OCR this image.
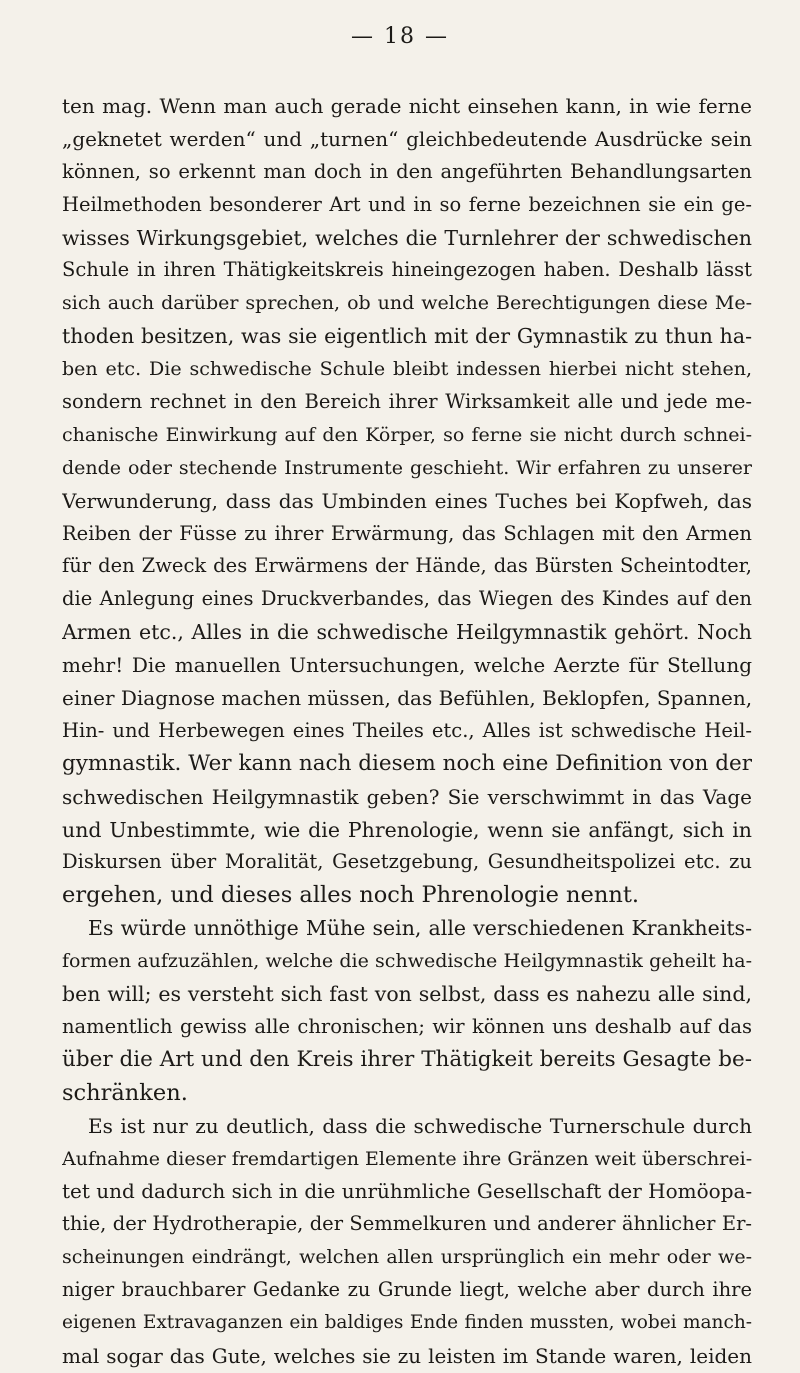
— 18 —
ten mag. Wenn man auch gerade nicht einsehen kann, in wie ferne
„geknetet werden“ und „turnen“ gleichbedeutende Ausdrücke sein
können, so erkennt man doch in den angeführten Behandlungsarten
Heilmethoden besonderer Art und in so ferne bezeichnen sie ein ge-
wisses Wirkungsgebiet, welches die Turnlehrer der schwedischen
Schule in ihren Thätigkeitskreis hineingezogen haben. Deshalb lässt
sich auch darüber sprechen, ob und welche Berechtigungen diese Me-
thoden besitzen, was sie eigentlich mit der Gymnastik zu thun ha-
ben etc. Die schwedische Schule bleibt indessen hierbei nicht stehen,
sondern rechnet in den Bereich ihrer Wirksamkeit alle und jede me-
chanische Einwirkung auf den Körper, so ferne sie nicht durch schnei-
dende oder stechende Instrumente geschieht. Wir erfahren zu unserer
Verwunderung, dass das Umbinden eines Tuches bei Kopfweh, das
Reiben der Füsse zu ihrer Erwärmung, das Schlagen mit den Armen
für den Zweck des Erwärmens der Hände, das Bürsten Scheintodter,
die Anlegung eines Druckverbandes, das Wiegen des Kindes auf den
Armen etc., Alles in die schwedische Heilgymnastik gehört. Noch
mehr! Die manuellen Untersuchungen, welche Aerzte für Stellung
einer Diagnose machen müssen, das Befühlen, Beklopfen, Spannen,
Hin- und Herbewegen eines Theiles etc., Alles ist schwedische Heil-
gymnastik. Wer kann nach diesem noch eine Definition von der
schwedischen Heilgymnastik geben? Sie verschwimmt in das Vage
und Unbestimmte, wie die Phrenologie, wenn sie anfängt, sich in
Diskursen über Moralität, Gesetzgebung, Gesundheitspolizei etc. zu
ergehen, und dieses alles noch Phrenologie nennt.
Es würde unnöthige Mühe sein, alle verschiedenen Krankheits-
formen aufzuzählen, welche die schwedische Heilgymnastik geheilt ha-
ben will; es versteht sich fast von selbst, dass es nahezu alle sind,
namentlich gewiss alle chronischen; wir können uns deshalb auf das
über die Art und den Kreis ihrer Thätigkeit bereits Gesagte be-
schränken.
Es ist nur zu deutlich, dass die schwedische Turnerschule durch
Aufnahme dieser fremdartigen Elemente ihre Gränzen weit überschrei-
tet und dadurch sich in die unrühmliche Gesellschaft der Homöopa-
thie, der Hydrotherapie, der Semmelkuren und anderer ähnlicher Er-
scheinungen eindrängt, welchen allen ursprünglich ein mehr oder we-
niger brauchbarer Gedanke zu Grunde liegt, welche aber durch ihre
eigenen Extravaganzen ein baldiges Ende finden mussten, wobei manch-
mal sogar das Gute, welches sie zu leisten im Stande waren, leiden
